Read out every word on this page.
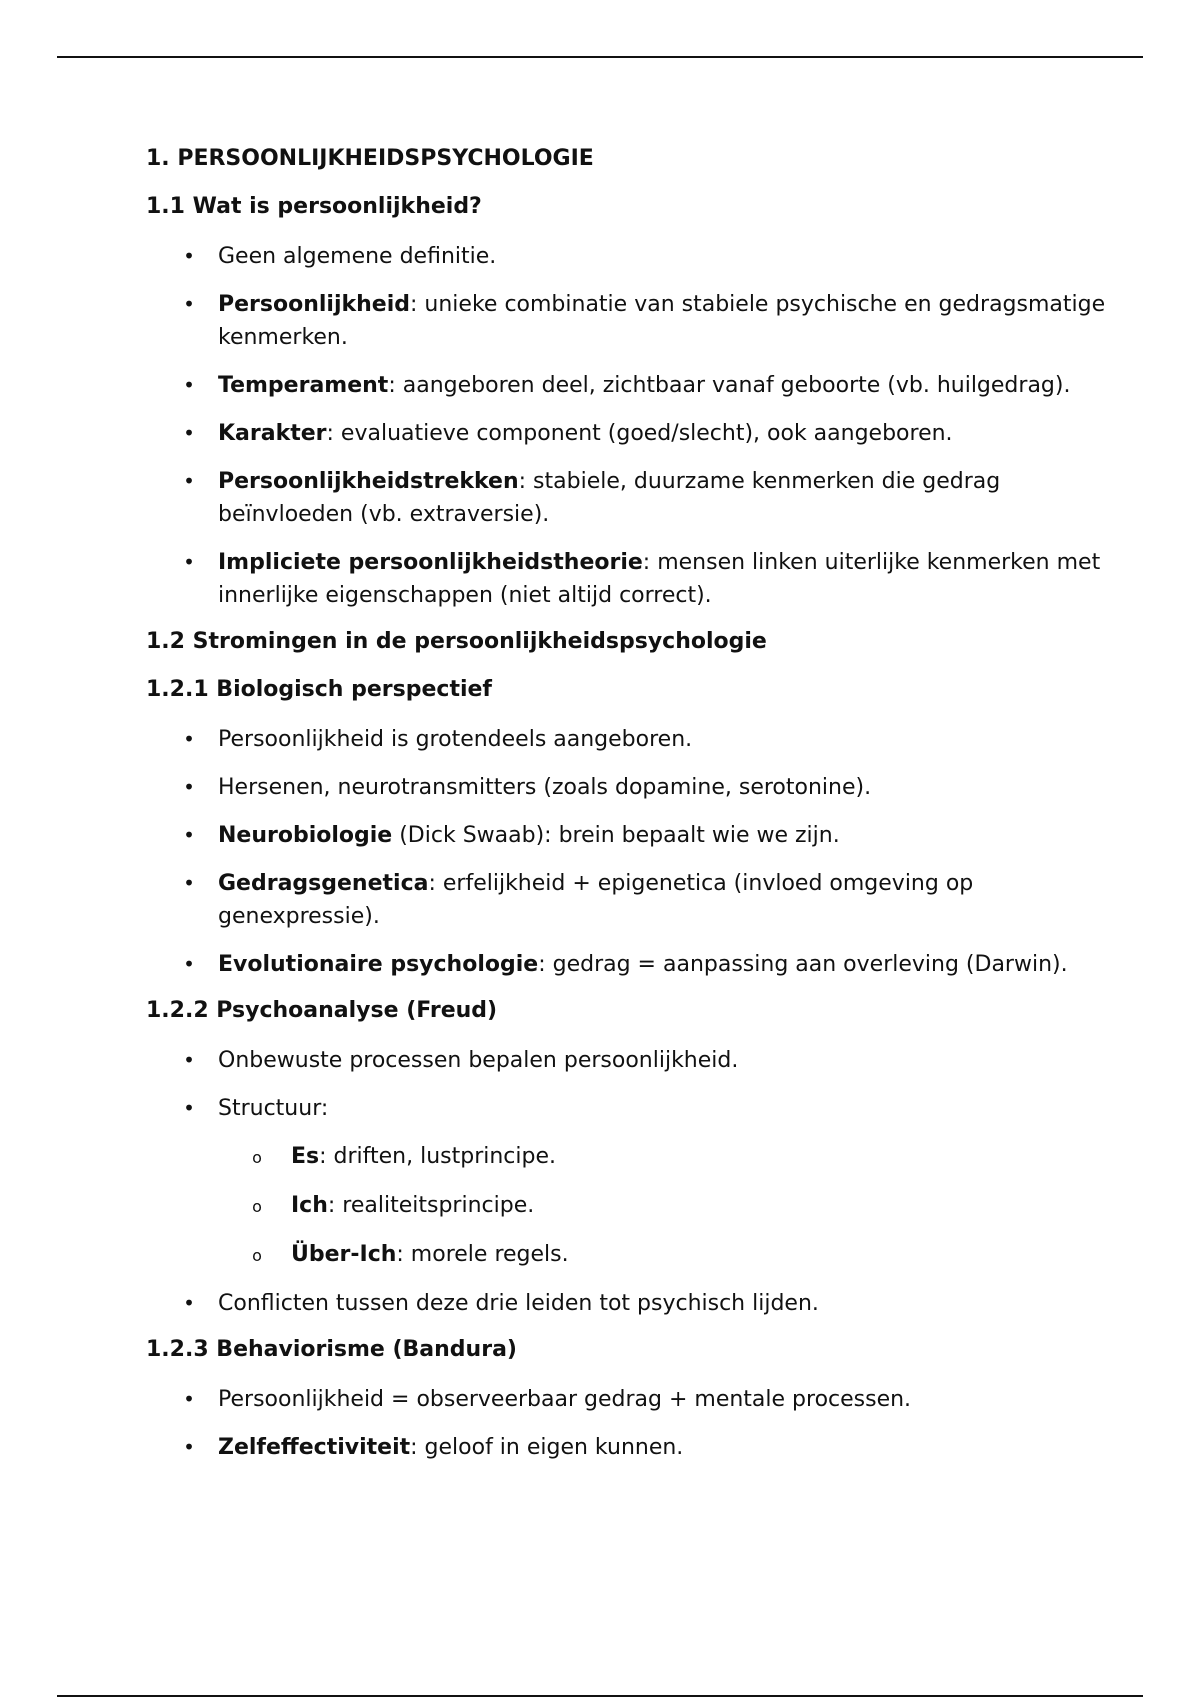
1. PERSOONLIJKHEIDSPSYCHOLOGIE
1.1 Wat is persoonlijkheid?
• Geen algemene definitie.
• Persoonlijkheid: unieke combinatie van stabiele psychische en gedragsmatige kenmerken.
• Temperament: aangeboren deel, zichtbaar vanaf geboorte (vb. huilgedrag).
• Karakter: evaluatieve component (goed/slecht), ook aangeboren.
• Persoonlijkheidstrekken: stabiele, duurzame kenmerken die gedrag beïnvloeden (vb. extraversie).
• Impliciete persoonlijkheidstheorie: mensen linken uiterlijke kenmerken met innerlijke eigenschappen (niet altijd correct).
1.2 Stromingen in de persoonlijkheidspsychologie
1.2.1 Biologisch perspectief
• Persoonlijkheid is grotendeels aangeboren.
• Hersenen, neurotransmitters (zoals dopamine, serotonine).
• Neurobiologie (Dick Swaab): brein bepaalt wie we zijn.
• Gedragsgenetica: erfelijkheid + epigenetica (invloed omgeving op genexpressie).
• Evolutionaire psychologie: gedrag = aanpassing aan overleving (Darwin).
1.2.2 Psychoanalyse (Freud)
• Onbewuste processen bepalen persoonlijkheid.
• Structuur:
o Es: driften, lustprincipe.
o Ich: realiteitsprincipe.
o Über-Ich: morele regels.
• Conflicten tussen deze drie leiden tot psychisch lijden.
1.2.3 Behaviorisme (Bandura)
• Persoonlijkheid = observeerbaar gedrag + mentale processen.
• Zelfeffectiviteit: geloof in eigen kunnen.
